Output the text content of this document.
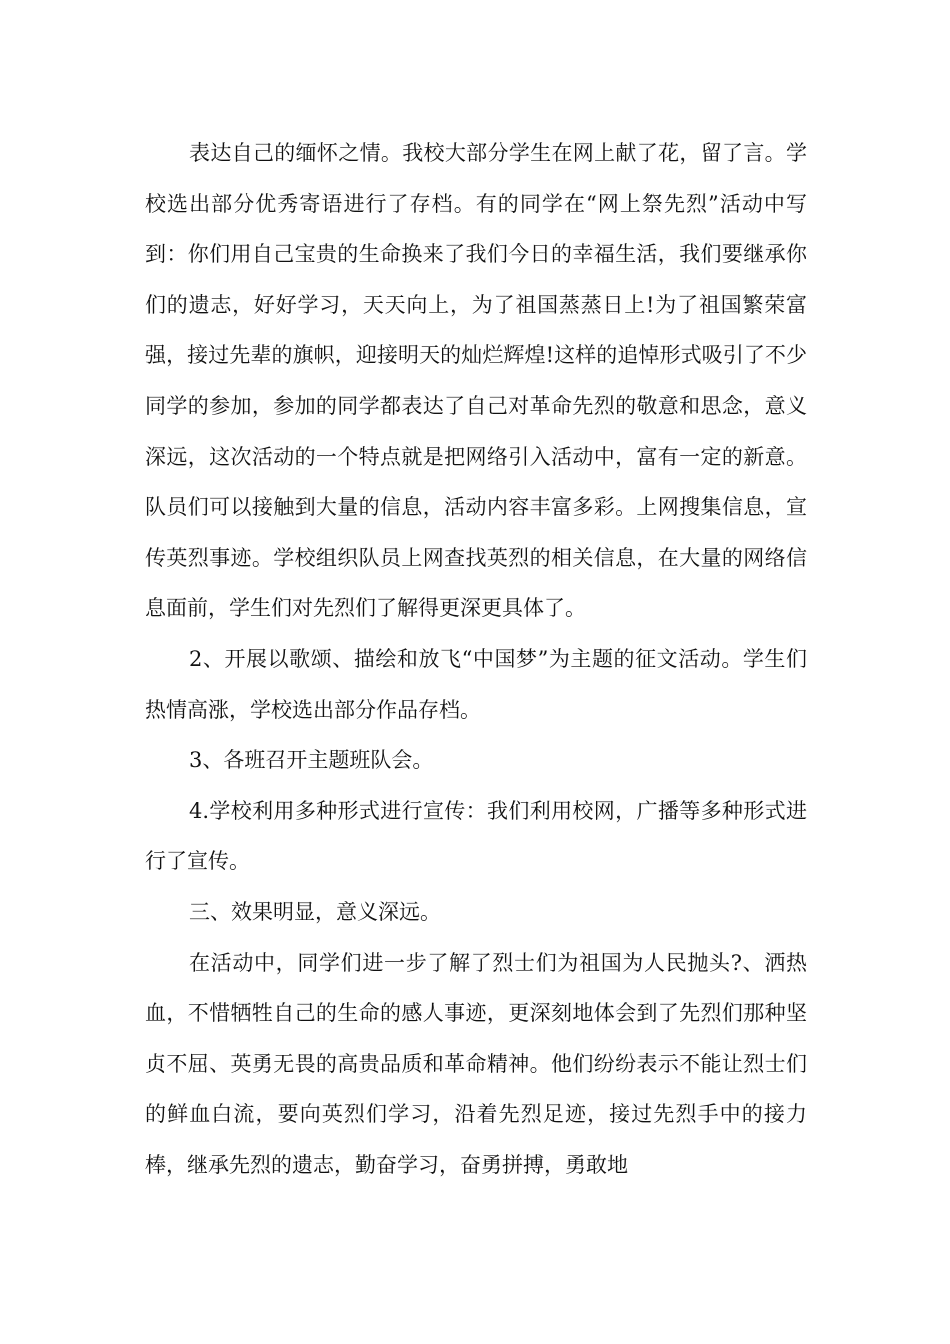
表达自己的缅怀之情。我校大部分学生在网上献了花，留了言。学校选出部分优秀寄语进行了存档。有的同学在“网上祭先烈”活动中写到：你们用自己宝贵的生命换来了我们今日的幸福生活，我们要继承你们的遗志，好好学习，天天向上，为了祖国蒸蒸日上!为了祖国繁荣富强，接过先辈的旗帜，迎接明天的灿烂辉煌!这样的追悼形式吸引了不少同学的参加，参加的同学都表达了自己对革命先烈的敬意和思念，意义深远，这次活动的一个特点就是把网络引入活动中，富有一定的新意。队员们可以接触到大量的信息，活动内容丰富多彩。上网搜集信息，宣传英烈事迹。学校组织队员上网查找英烈的相关信息，在大量的网络信息面前，学生们对先烈们了解得更深更具体了。

2、开展以歌颂、描绘和放飞“中国梦”为主题的征文活动。学生们热情高涨，学校选出部分作品存档。

3、各班召开主题班队会。

4.学校利用多种形式进行宣传：我们利用校网，广播等多种形式进行了宣传。

三、效果明显，意义深远。

在活动中，同学们进一步了解了烈士们为祖国为人民抛头?、洒热血，不惜牺牲自己的生命的感人事迹，更深刻地体会到了先烈们那种坚贞不屈、英勇无畏的高贵品质和革命精神。他们纷纷表示不能让烈士们的鲜血白流，要向英烈们学习，沿着先烈足迹，接过先烈手中的接力棒，继承先烈的遗志，勤奋学习，奋勇拼搏，勇敢地
